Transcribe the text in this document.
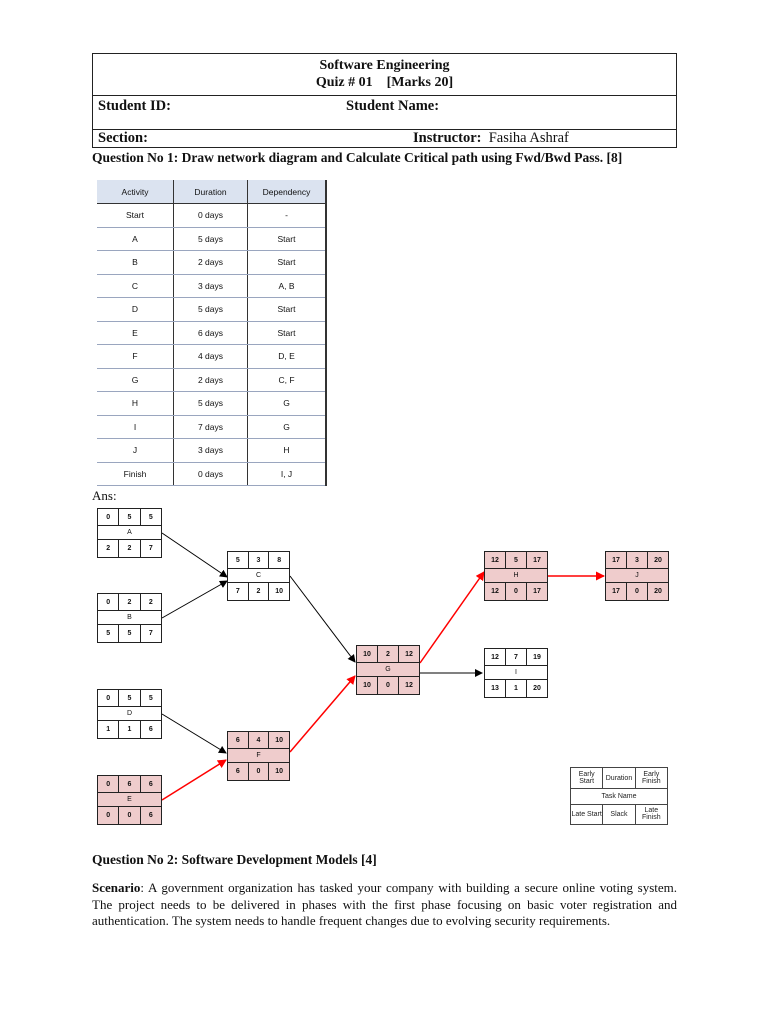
Software Engineering
Quiz # 01 [Marks 20]
Student ID:	Student Name:
Section:	Instructor: Fasiha Ashraf
Question No 1: Draw network diagram and Calculate Critical path using Fwd/Bwd Pass. [8]
Activity	Duration	Dependency
Start	0 days	-
A	5 days	Start
B	2 days	Start
C	3 days	A, B
D	5 days	Start
E	6 days	Start
F	4 days	D, E
G	2 days	C, F
H	5 days	G
I	7 days	G
J	3 days	H
Finish	0 days	I, J
Ans:
0	5	5
A
2	2	7
0	2	2
B
5	5	7
5	3	8
C
7	2	10
0	5	5
D
1	1	6
0	6	6
E
0	0	6
6	4	10
F
6	0	10
10	2	12
G
10	0	12
12	5	17
H
12	0	17
12	7	19
I
13	1	20
17	3	20
J
17	0	20
Early Start	Duration	Early Finish
Task Name
Late Start	Slack	Late Finish
Question No 2: Software Development Models [4]
Scenario: A government organization has tasked your company with building a secure online voting system. The project needs to be delivered in phases with the first phase focusing on basic voter registration and authentication. The system needs to handle frequent changes due to evolving security requirements.
